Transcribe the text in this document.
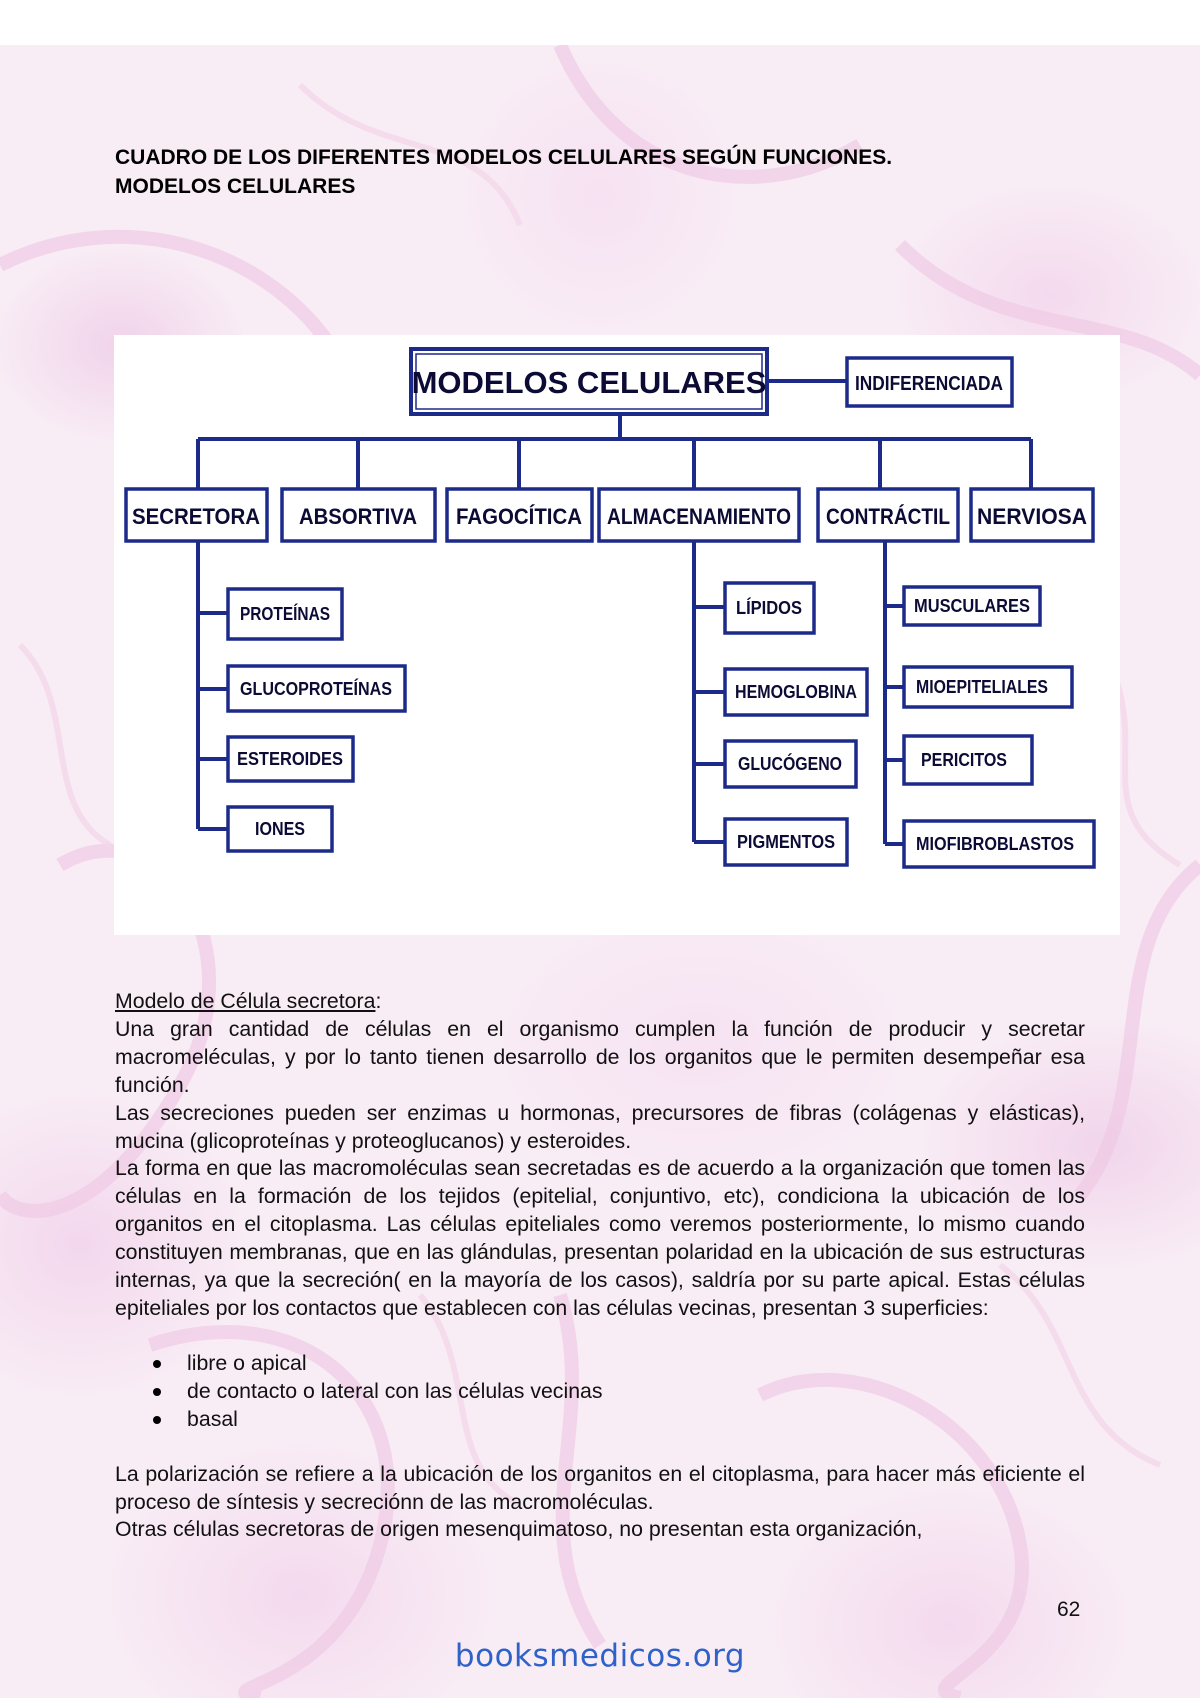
CUADRO DE LOS DIFERENTES MODELOS CELULARES SEGÚN FUNCIONES.
MODELOS CELULARES
MODELOS CELULARES	INDIFERENCIADA
SECRETORA ABSORTIVA FAGOCÍTICA ALMACENAMIENTO CONTRÁCTIL NERVIOSA
PROTEÍNAS
GLUCOPROTEÍNAS
ESTEROIDES
IONES
LÍPIDOS
HEMOGLOBINA
GLUCÓGENO
PIGMENTOS
MUSCULARES
MIOEPITELIALES
PERICITOS
MIOFIBROBLASTOS

Modelo de Célula secretora:

Una gran cantidad de células en el organismo cumplen la función de producir y secretar macromeléculas, y por lo tanto tienen desarrollo de los organitos que le permiten desempeñar esa función.

Las secreciones pueden ser enzimas u hormonas, precursores de fibras (colágenas y elásticas), mucina (glicoproteínas y proteoglucanos) y esteroides.

La forma en que las macromoléculas sean secretadas es de acuerdo a la organización que tomen las células en la formación de los tejidos (epitelial, conjuntivo, etc), condiciona la ubicación de los organitos en el citoplasma. Las células epiteliales como veremos posteriormente, lo mismo cuando constituyen membranas, que en las glándulas, presentan polaridad en la ubicación de sus estructuras internas, ya que la secreción( en la mayoría de los casos), saldría por su parte apical. Estas células epiteliales por los contactos que establecen con las células vecinas, presentan 3 superficies:

libre o apical
de contacto o lateral con las células vecinas
basal

La polarización se refiere a la ubicación de los organitos en el citoplasma, para hacer más eficiente el proceso de síntesis y secreciónn de las macromoléculas.

Otras células secretoras de origen mesenquimatoso, no presentan esta organización,

62
booksmedicos.org
